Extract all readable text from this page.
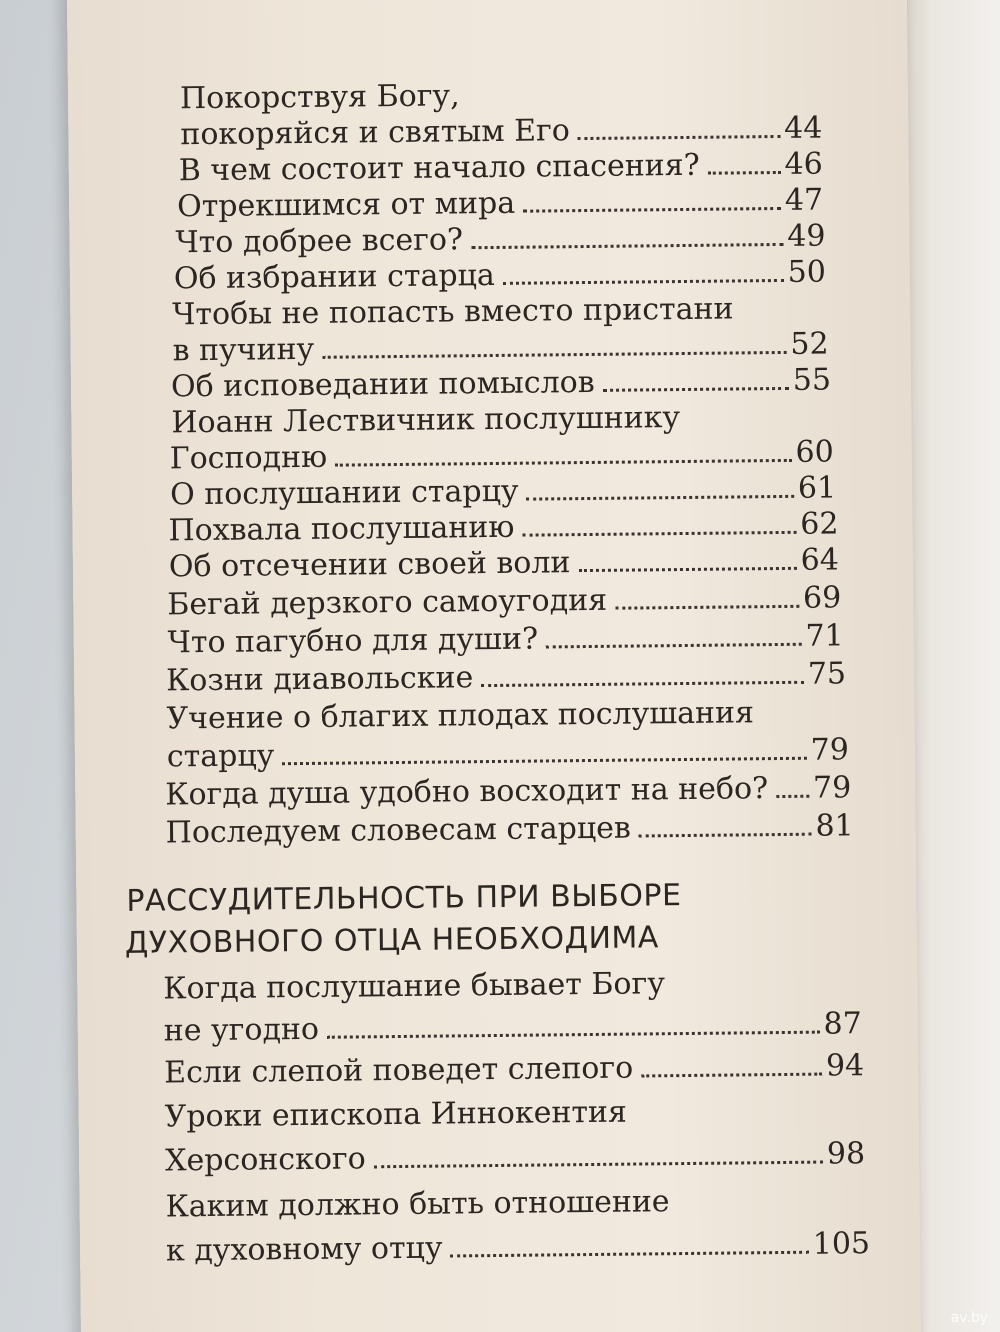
Покорствуя Богу,
покоряйся и святым Его	44
В чем состоит начало спасения?	46
Отрекшимся от мира	47
Что добрее всего?	49
Об избрании старца	50
Чтобы не попасть вместо пристани
в пучину	52
Об исповедании помыслов	55
Иоанн Лествичник послушнику
Господню	60
О послушании старцу	61
Похвала послушанию	62
Об отсечении своей воли	64
Бегай дерзкого самоугодия	69
Что пагубно для души?	71
Козни диавольские	75
Учение о благих плодах послушания
старцу	79
Когда душа удобно восходит на небо? 79
Последуем словесам старцев	81
РАССУДИТЕЛЬНОСТЬ ПРИ ВЫБОРЕ
ДУХОВНОГО ОТЦА НЕОБХОДИМА
Когда послушание бывает Богу
не угодно	87
Если слепой поведет слепого	94
Уроки епископа Иннокентия
Херсонского	98
Каким должно быть отношение
к духовному отцу	105
av.by
